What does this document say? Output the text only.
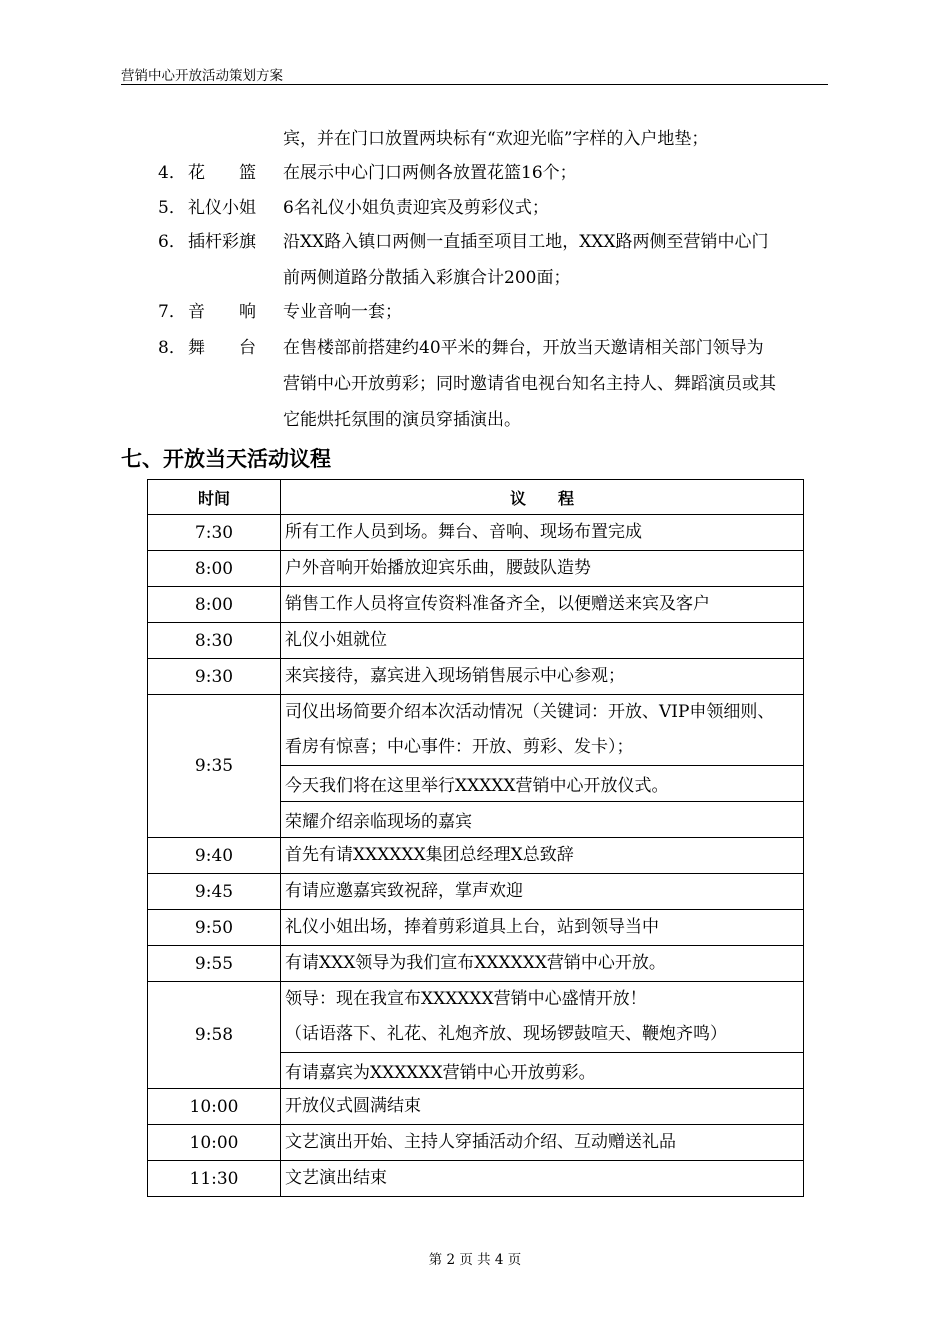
营销中心开放活动策划方案
宾，并在门口放置两块标有“欢迎光临”字样的入户地垫；
4． 花　　篮 在展示中心门口两侧各放置花篮16个；
5． 礼仪小姐 6名礼仪小姐负责迎宾及剪彩仪式；
6． 插杆彩旗 沿XX路入镇口两侧一直插至项目工地，XXX路两侧至营销中心门
前两侧道路分散插入彩旗合计200面；
7． 音　　响 专业音响一套；
8． 舞　　台 在售楼部前搭建约40平米的舞台，开放当天邀请相关部门领导为
营销中心开放剪彩；同时邀请省电视台知名主持人、舞蹈演员或其
它能烘托氛围的演员穿插演出。
七、开放当天活动议程
时间	议　　程
7:30	所有工作人员到场。舞台、音响、现场布置完成

8:00	户外音响开始播放迎宾乐曲，腰鼓队造势

8:00	销售工作人员将宣传资料准备齐全，以便赠送来宾及客户

8:30	礼仪小姐就位

9:30	来宾接待，嘉宾进入现场销售展示中心参观；

9:35	司仪出场简要介绍本次活动情况（关键词：开放、VIP申领细则、
看房有惊喜；中心事件：开放、剪彩、发卡）；

	今天我们将在这里举行XXXXX营销中心开放仪式。
	荣耀介绍亲临现场的嘉宾
9:40	首先有请XXXXXX集团总经理X总致辞

9:45	有请应邀嘉宾致祝辞，掌声欢迎

9:50	礼仪小姐出场，捧着剪彩道具上台，站到领导当中

9:55	有请XXX领导为我们宣布XXXXXX营销中心开放。

9:58	领导：现在我宣布XXXXXX营销中心盛情开放！
（话语落下、礼花、礼炮齐放、现场锣鼓喧天、鞭炮齐鸣）

	有请嘉宾为XXXXXX营销中心开放剪彩。
10:00	开放仪式圆满结束

10:00	文艺演出开始、主持人穿插活动介绍、互动赠送礼品

11:30	文艺演出结束
第 2 页 共 4 页
